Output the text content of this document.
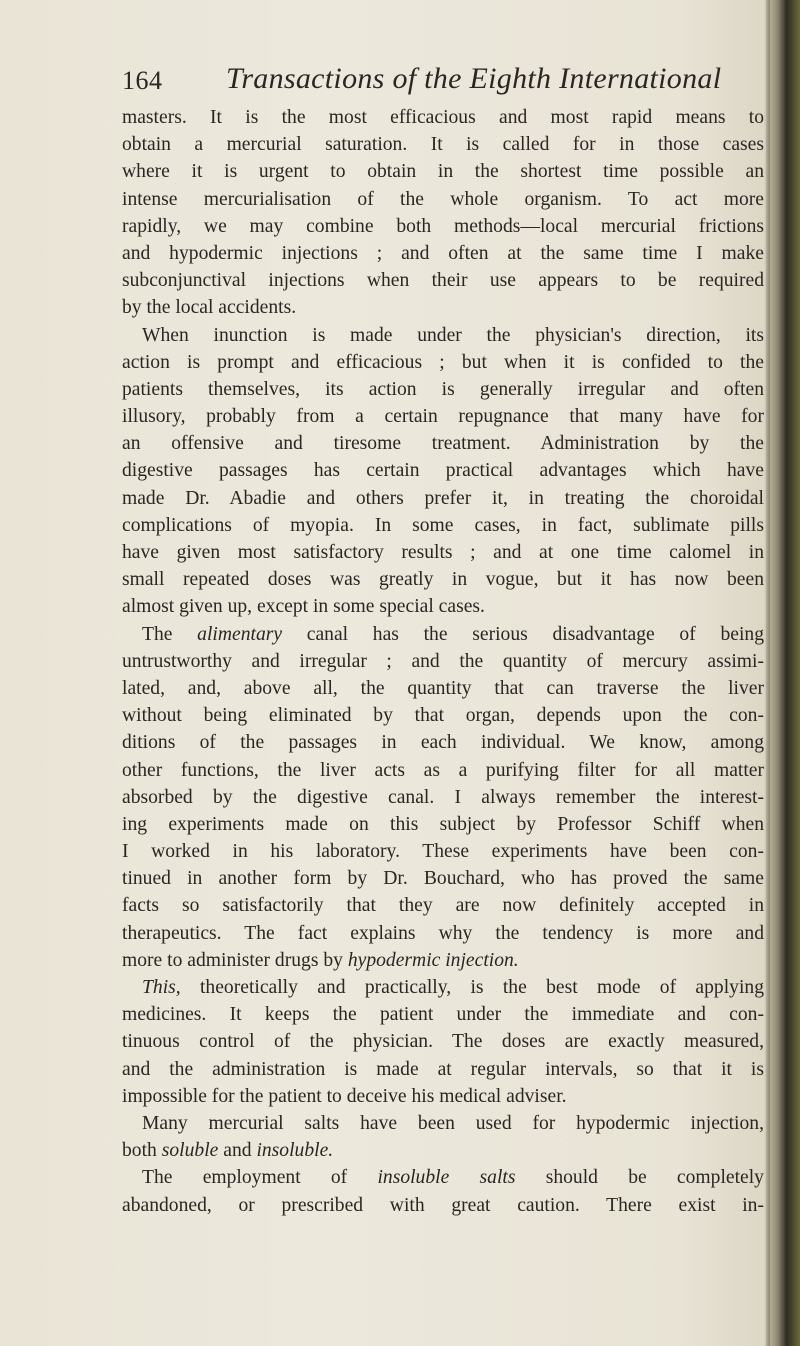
164 Transactions of the Eighth International
masters. It is the most efficacious and most rapid means to
obtain a mercurial saturation. It is called for in those cases
where it is urgent to obtain in the shortest time possible an
intense mercurialisation of the whole organism. To act more
rapidly, we may combine both methods—local mercurial frictions
and hypodermic injections ; and often at the same time I make
subconjunctival injections when their use appears to be required
by the local accidents.
When inunction is made under the physician's direction, its
action is prompt and efficacious ; but when it is confided to the
patients themselves, its action is generally irregular and often
illusory, probably from a certain repugnance that many have for
an offensive and tiresome treatment. Administration by the
digestive passages has certain practical advantages which have
made Dr. Abadie and others prefer it, in treating the choroidal
complications of myopia. In some cases, in fact, sublimate pills
have given most satisfactory results ; and at one time calomel in
small repeated doses was greatly in vogue, but it has now been
almost given up, except in some special cases.
The alimentary canal has the serious disadvantage of being
untrustworthy and irregular ; and the quantity of mercury assimi-
lated, and, above all, the quantity that can traverse the liver
without being eliminated by that organ, depends upon the con-
ditions of the passages in each individual. We know, among
other functions, the liver acts as a purifying filter for all matter
absorbed by the digestive canal. I always remember the interest-
ing experiments made on this subject by Professor Schiff when
I worked in his laboratory. These experiments have been con-
tinued in another form by Dr. Bouchard, who has proved the same
facts so satisfactorily that they are now definitely accepted in
therapeutics. The fact explains why the tendency is more and
more to administer drugs by hypodermic injection.
This, theoretically and practically, is the best mode of applying
medicines. It keeps the patient under the immediate and con-
tinuous control of the physician. The doses are exactly measured,
and the administration is made at regular intervals, so that it is
impossible for the patient to deceive his medical adviser.
Many mercurial salts have been used for hypodermic injection,
both soluble and insoluble.
The employment of insoluble salts should be completely
abandoned, or prescribed with great caution. There exist in-
